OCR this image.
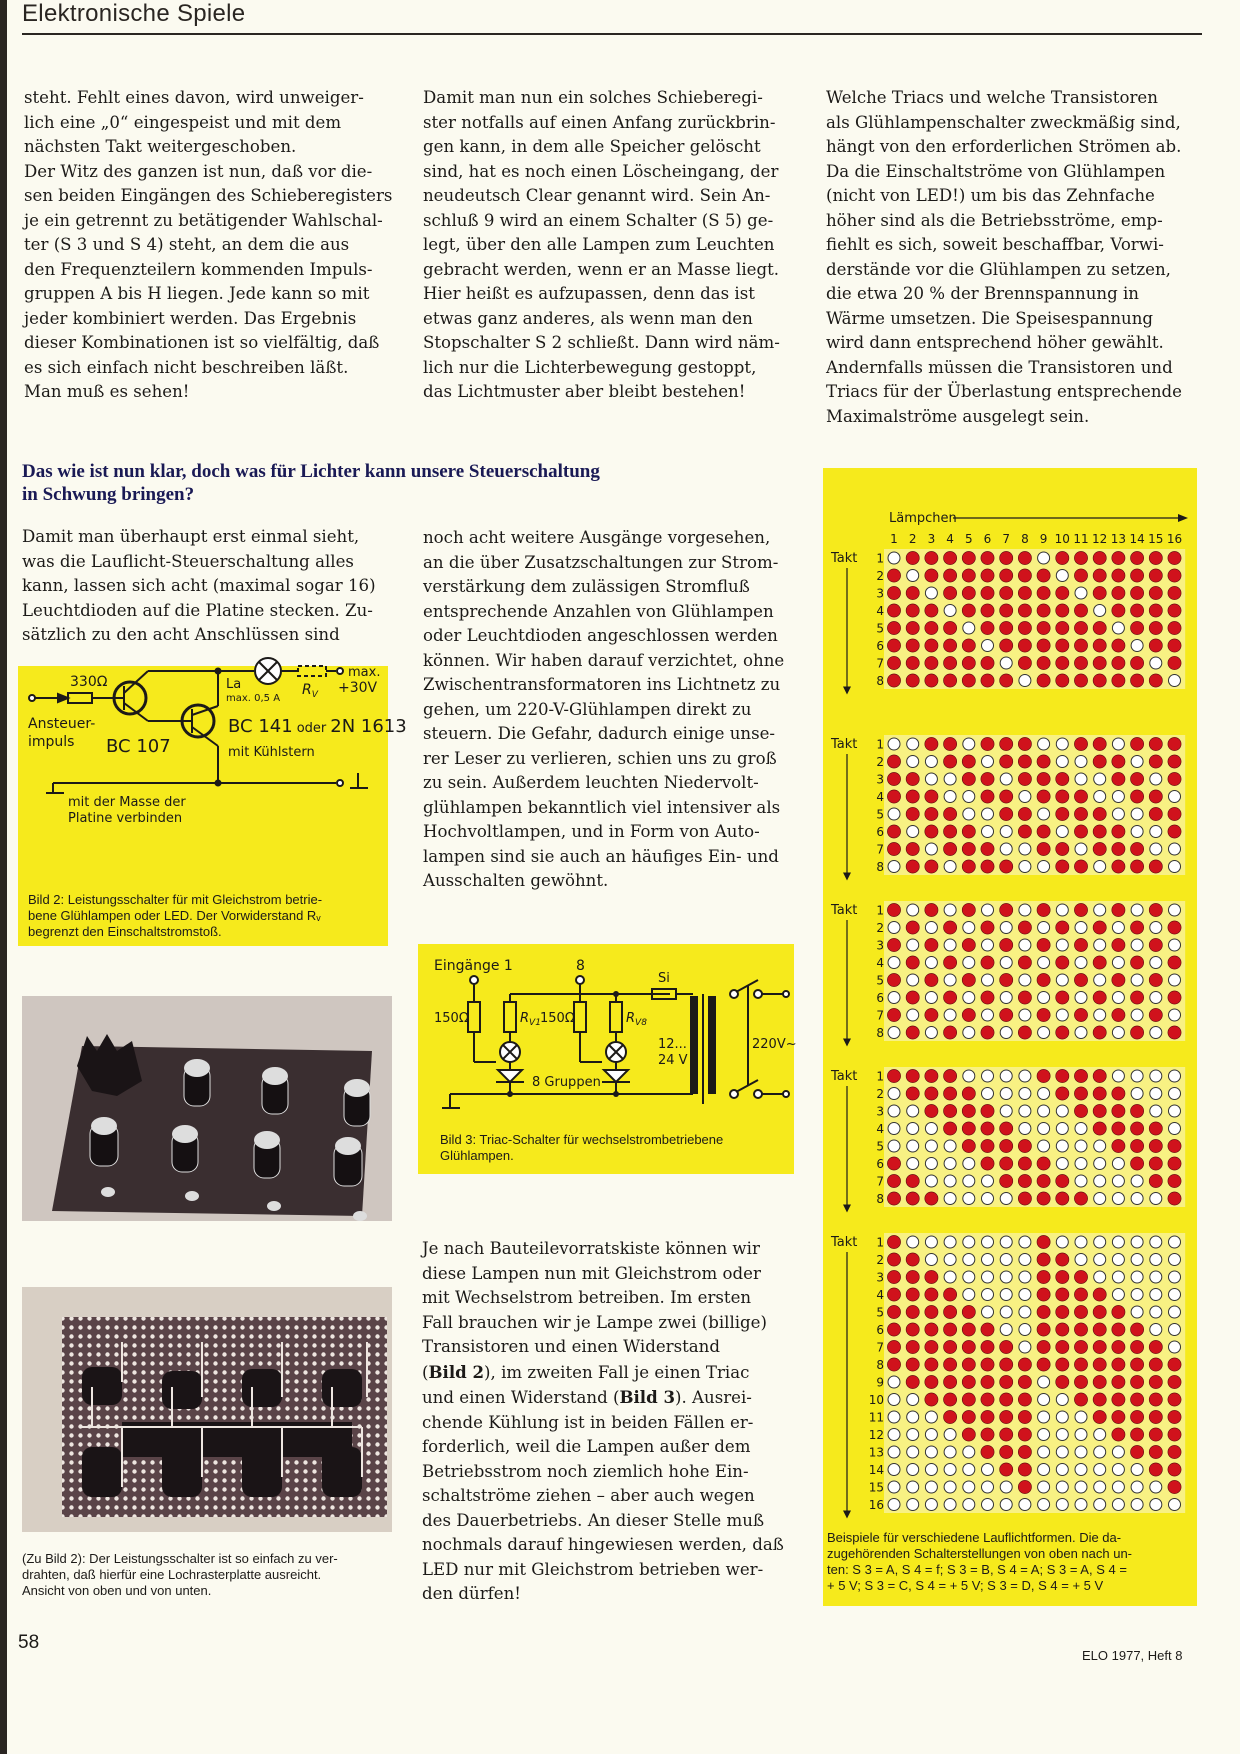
Elektronische Spiele

steht. Fehlt eines davon, wird unweiger-
lich eine „0“ eingespeist und mit dem
nächsten Takt weitergeschoben.
Der Witz des ganzen ist nun, daß vor die-
sen beiden Eingängen des Schieberegisters
je ein getrennt zu betätigender Wahlschal-
ter (S 3 und S 4) steht, an dem die aus
den Frequenzteilern kommenden Impuls-
gruppen A bis H liegen. Jede kann so mit
jeder kombiniert werden. Das Ergebnis
dieser Kombinationen ist so vielfältig, daß
es sich einfach nicht beschreiben läßt.
Man muß es sehen!

Damit man nun ein solches Schieberegi-
ster notfalls auf einen Anfang zurückbrin-
gen kann, in dem alle Speicher gelöscht
sind, hat es noch einen Löscheingang, der
neudeutsch Clear genannt wird. Sein An-
schluß 9 wird an einem Schalter (S 5) ge-
legt, über den alle Lampen zum Leuchten
gebracht werden, wenn er an Masse liegt.
Hier heißt es aufzupassen, denn das ist
etwas ganz anderes, als wenn man den
Stopschalter S 2 schließt. Dann wird näm-
lich nur die Lichterbewegung gestoppt,
das Lichtmuster aber bleibt bestehen!

Welche Triacs und welche Transistoren
als Glühlampenschalter zweckmäßig sind,
hängt von den erforderlichen Strömen ab.
Da die Einschaltströme von Glühlampen
(nicht von LED!) um bis das Zehnfache
höher sind als die Betriebsströme, emp-
fiehlt es sich, soweit beschaffbar, Vorwi-
derstände vor die Glühlampen zu setzen,
die etwa 20 % der Brennspannung in
Wärme umsetzen. Die Speisespannung
wird dann entsprechend höher gewählt.
Andernfalls müssen die Transistoren und
Triacs für der Überlastung entsprechende
Maximalströme ausgelegt sein.

Das wie ist nun klar, doch was für Lichter kann unsere Steuerschaltung
in Schwung bringen?

Damit man überhaupt erst einmal sieht,
was die Lauflicht-Steuerschaltung alles
kann, lassen sich acht (maximal sogar 16)
Leuchtdioden auf die Platine stecken. Zu-
sätzlich zu den acht Anschlüssen sind

noch acht weitere Ausgänge vorgesehen,
an die über Zusatzschaltungen zur Strom-
verstärkung dem zulässigen Stromfluß
entsprechende Anzahlen von Glühlampen
oder Leuchtdioden angeschlossen werden
können. Wir haben darauf verzichtet, ohne
Zwischentransformatoren ins Lichtnetz zu
gehen, um 220-V-Glühlampen direkt zu
steuern. Die Gefahr, dadurch einige unse-
rer Leser zu verlieren, schien uns zu groß
zu sein. Außerdem leuchten Niedervolt-
glühlampen bekanntlich viel intensiver als
Hochvoltlampen, und in Form von Auto-
lampen sind sie auch an häufiges Ein- und
Ausschalten gewöhnt.

Je nach Bauteilevorratskiste können wir
diese Lampen nun mit Gleichstrom oder
mit Wechselstrom betreiben. Im ersten
Fall brauchen wir je Lampe zwei (billige)
Transistoren und einen Widerstand
(Bild 2), im zweiten Fall je einen Triac
und einen Widerstand (Bild 3). Ausrei-
chende Kühlung ist in beiden Fällen er-
forderlich, weil die Lampen außer dem
Betriebsstrom noch ziemlich hohe Ein-
schaltströme ziehen – aber auch wegen
des Dauerbetriebs. An dieser Stelle muß
nochmals darauf hingewiesen werden, daß
LED nur mit Gleichstrom betrieben wer-
den dürfen!

330Ω
Ansteuer-
impuls BC 107
La
max. 0,5 A
$R_V$
max.
+30V
BC 141 oder 2N 1613
mit Kühlstern
mit der Masse der
Platine verbinden
Bild 2: Leistungsschalter für mit Gleichstrom betrie-
bene Glühlampen oder LED. Der Vorwiderstand Rᵥ
begrenzt den Einschaltstromstoß.
(Zu Bild 2): Der Leistungsschalter ist so einfach zu ver-
drahten, daß hierfür eine Lochrasterplatte ausreicht.
Ansicht von oben und von unten.
Eingänge 1	8
150Ω	$R_{V1}$ 150Ω	$R_{V8}$
Si
8 Gruppen
12...
24 V
220V~
Bild 3: Triac-Schalter für wechselstrombetriebene
Glühlampen.
Lämpchen
1 2 3 4 5 6 7 8 9 10 11 12 13 14 15 16
Takt 1
2
3
4
5
6
7
8
Takt 1
2
3
4
5
6
7
8
Takt 1
2
3
4
5
6
7
8
Takt 1
2
3
4
5
6
7
8
Takt 1
2
3
4
5
6
7
8
9
10
11
12
13
14
15
16
Beispiele für verschiedene Lauflichtformen. Die da-
zugehörenden Schalterstellungen von oben nach un-
ten: S 3 = A, S 4 = f; S 3 = B, S 4 = A; S 3 = A, S 4 =
+ 5 V; S 3 = C, S 4 = + 5 V; S 3 = D, S 4 = + 5 V
58
ELO 1977, Heft 8
